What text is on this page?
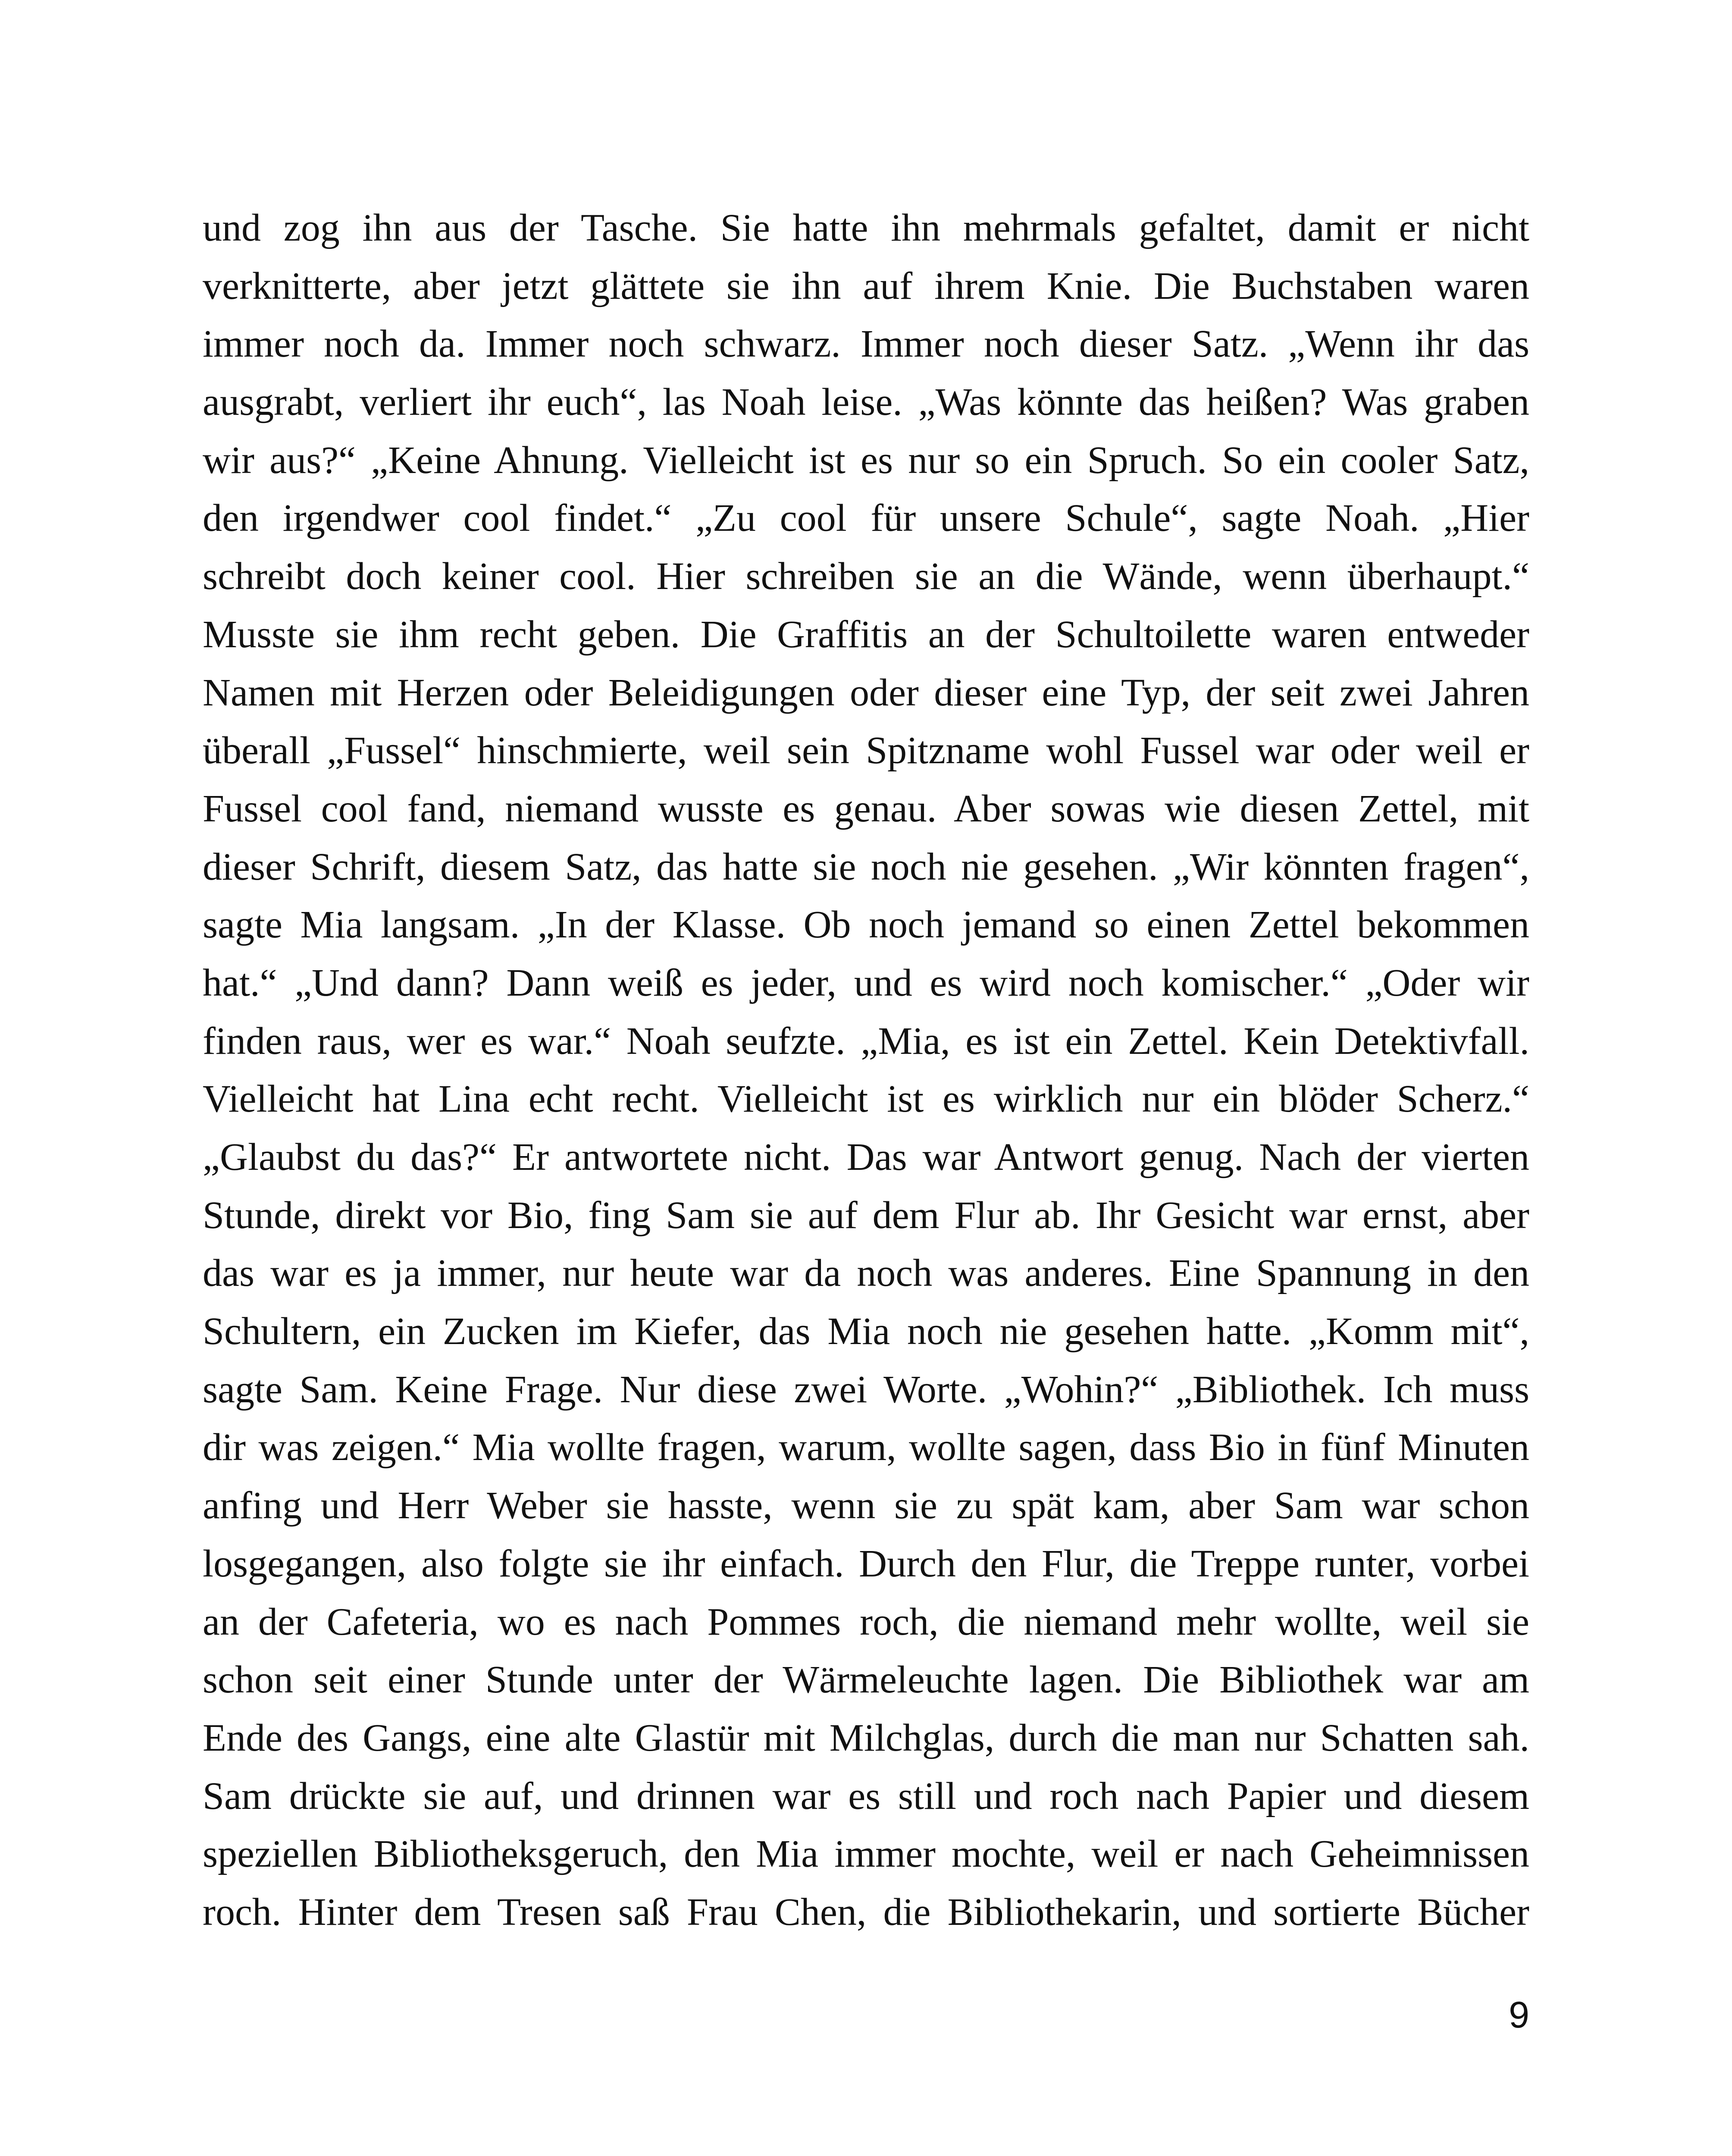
und zog ihn aus der Tasche. Sie hatte ihn mehrmals gefaltet, damit er nicht
verknitterte, aber jetzt glättete sie ihn auf ihrem Knie. Die Buchstaben waren
immer noch da. Immer noch schwarz. Immer noch dieser Satz. „Wenn ihr das
ausgrabt, verliert ihr euch“, las Noah leise. „Was könnte das heißen? Was graben
wir aus?“ „Keine Ahnung. Vielleicht ist es nur so ein Spruch. So ein cooler Satz,
den irgendwer cool findet.“ „Zu cool für unsere Schule“, sagte Noah. „Hier
schreibt doch keiner cool. Hier schreiben sie an die Wände, wenn überhaupt.“
Musste sie ihm recht geben. Die Graffitis an der Schultoilette waren entweder
Namen mit Herzen oder Beleidigungen oder dieser eine Typ, der seit zwei Jahren
überall „Fussel“ hinschmierte, weil sein Spitzname wohl Fussel war oder weil er
Fussel cool fand, niemand wusste es genau. Aber sowas wie diesen Zettel, mit
dieser Schrift, diesem Satz, das hatte sie noch nie gesehen. „Wir könnten fragen“,
sagte Mia langsam. „In der Klasse. Ob noch jemand so einen Zettel bekommen
hat.“ „Und dann? Dann weiß es jeder, und es wird noch komischer.“ „Oder wir
finden raus, wer es war.“ Noah seufzte. „Mia, es ist ein Zettel. Kein Detektivfall.
Vielleicht hat Lina echt recht. Vielleicht ist es wirklich nur ein blöder Scherz.“
„Glaubst du das?“ Er antwortete nicht. Das war Antwort genug. Nach der vierten
Stunde, direkt vor Bio, fing Sam sie auf dem Flur ab. Ihr Gesicht war ernst, aber
das war es ja immer, nur heute war da noch was anderes. Eine Spannung in den
Schultern, ein Zucken im Kiefer, das Mia noch nie gesehen hatte. „Komm mit“,
sagte Sam. Keine Frage. Nur diese zwei Worte. „Wohin?“ „Bibliothek. Ich muss
dir was zeigen.“ Mia wollte fragen, warum, wollte sagen, dass Bio in fünf Minuten
anfing und Herr Weber sie hasste, wenn sie zu spät kam, aber Sam war schon
losgegangen, also folgte sie ihr einfach. Durch den Flur, die Treppe runter, vorbei
an der Cafeteria, wo es nach Pommes roch, die niemand mehr wollte, weil sie
schon seit einer Stunde unter der Wärmeleuchte lagen. Die Bibliothek war am
Ende des Gangs, eine alte Glastür mit Milchglas, durch die man nur Schatten sah.
Sam drückte sie auf, und drinnen war es still und roch nach Papier und diesem
speziellen Bibliotheksgeruch, den Mia immer mochte, weil er nach Geheimnissen
roch. Hinter dem Tresen saß Frau Chen, die Bibliothekarin, und sortierte Bücher
9
